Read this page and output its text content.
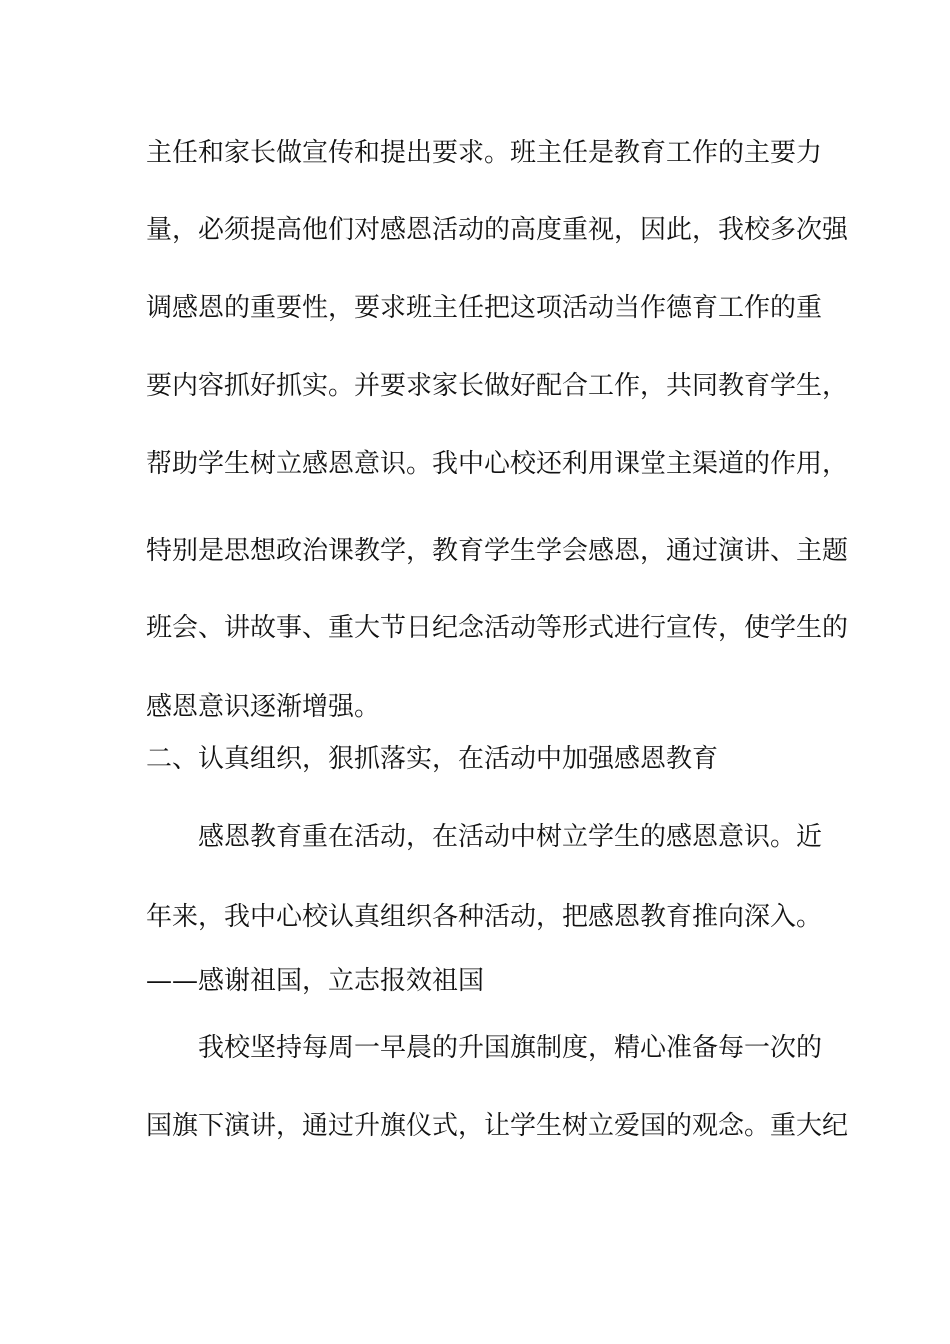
主任和家长做宣传和提出要求。班主任是教育工作的主要力
量，必须提高他们对感恩活动的高度重视，因此，我校多次强
调感恩的重要性，要求班主任把这项活动当作德育工作的重
要内容抓好抓实。并要求家长做好配合工作，共同教育学生，
帮助学生树立感恩意识。我中心校还利用课堂主渠道的作用，
特别是思想政治课教学，教育学生学会感恩，通过演讲、主题
班会、讲故事、重大节日纪念活动等形式进行宣传，使学生的
感恩意识逐渐增强。
二、认真组织，狠抓落实，在活动中加强感恩教育
感恩教育重在活动，在活动中树立学生的感恩意识。近
年来，我中心校认真组织各种活动，把感恩教育推向深入。
——感谢祖国，立志报效祖国
我校坚持每周一早晨的升国旗制度，精心准备每一次的
国旗下演讲，通过升旗仪式，让学生树立爱国的观念。重大纪
